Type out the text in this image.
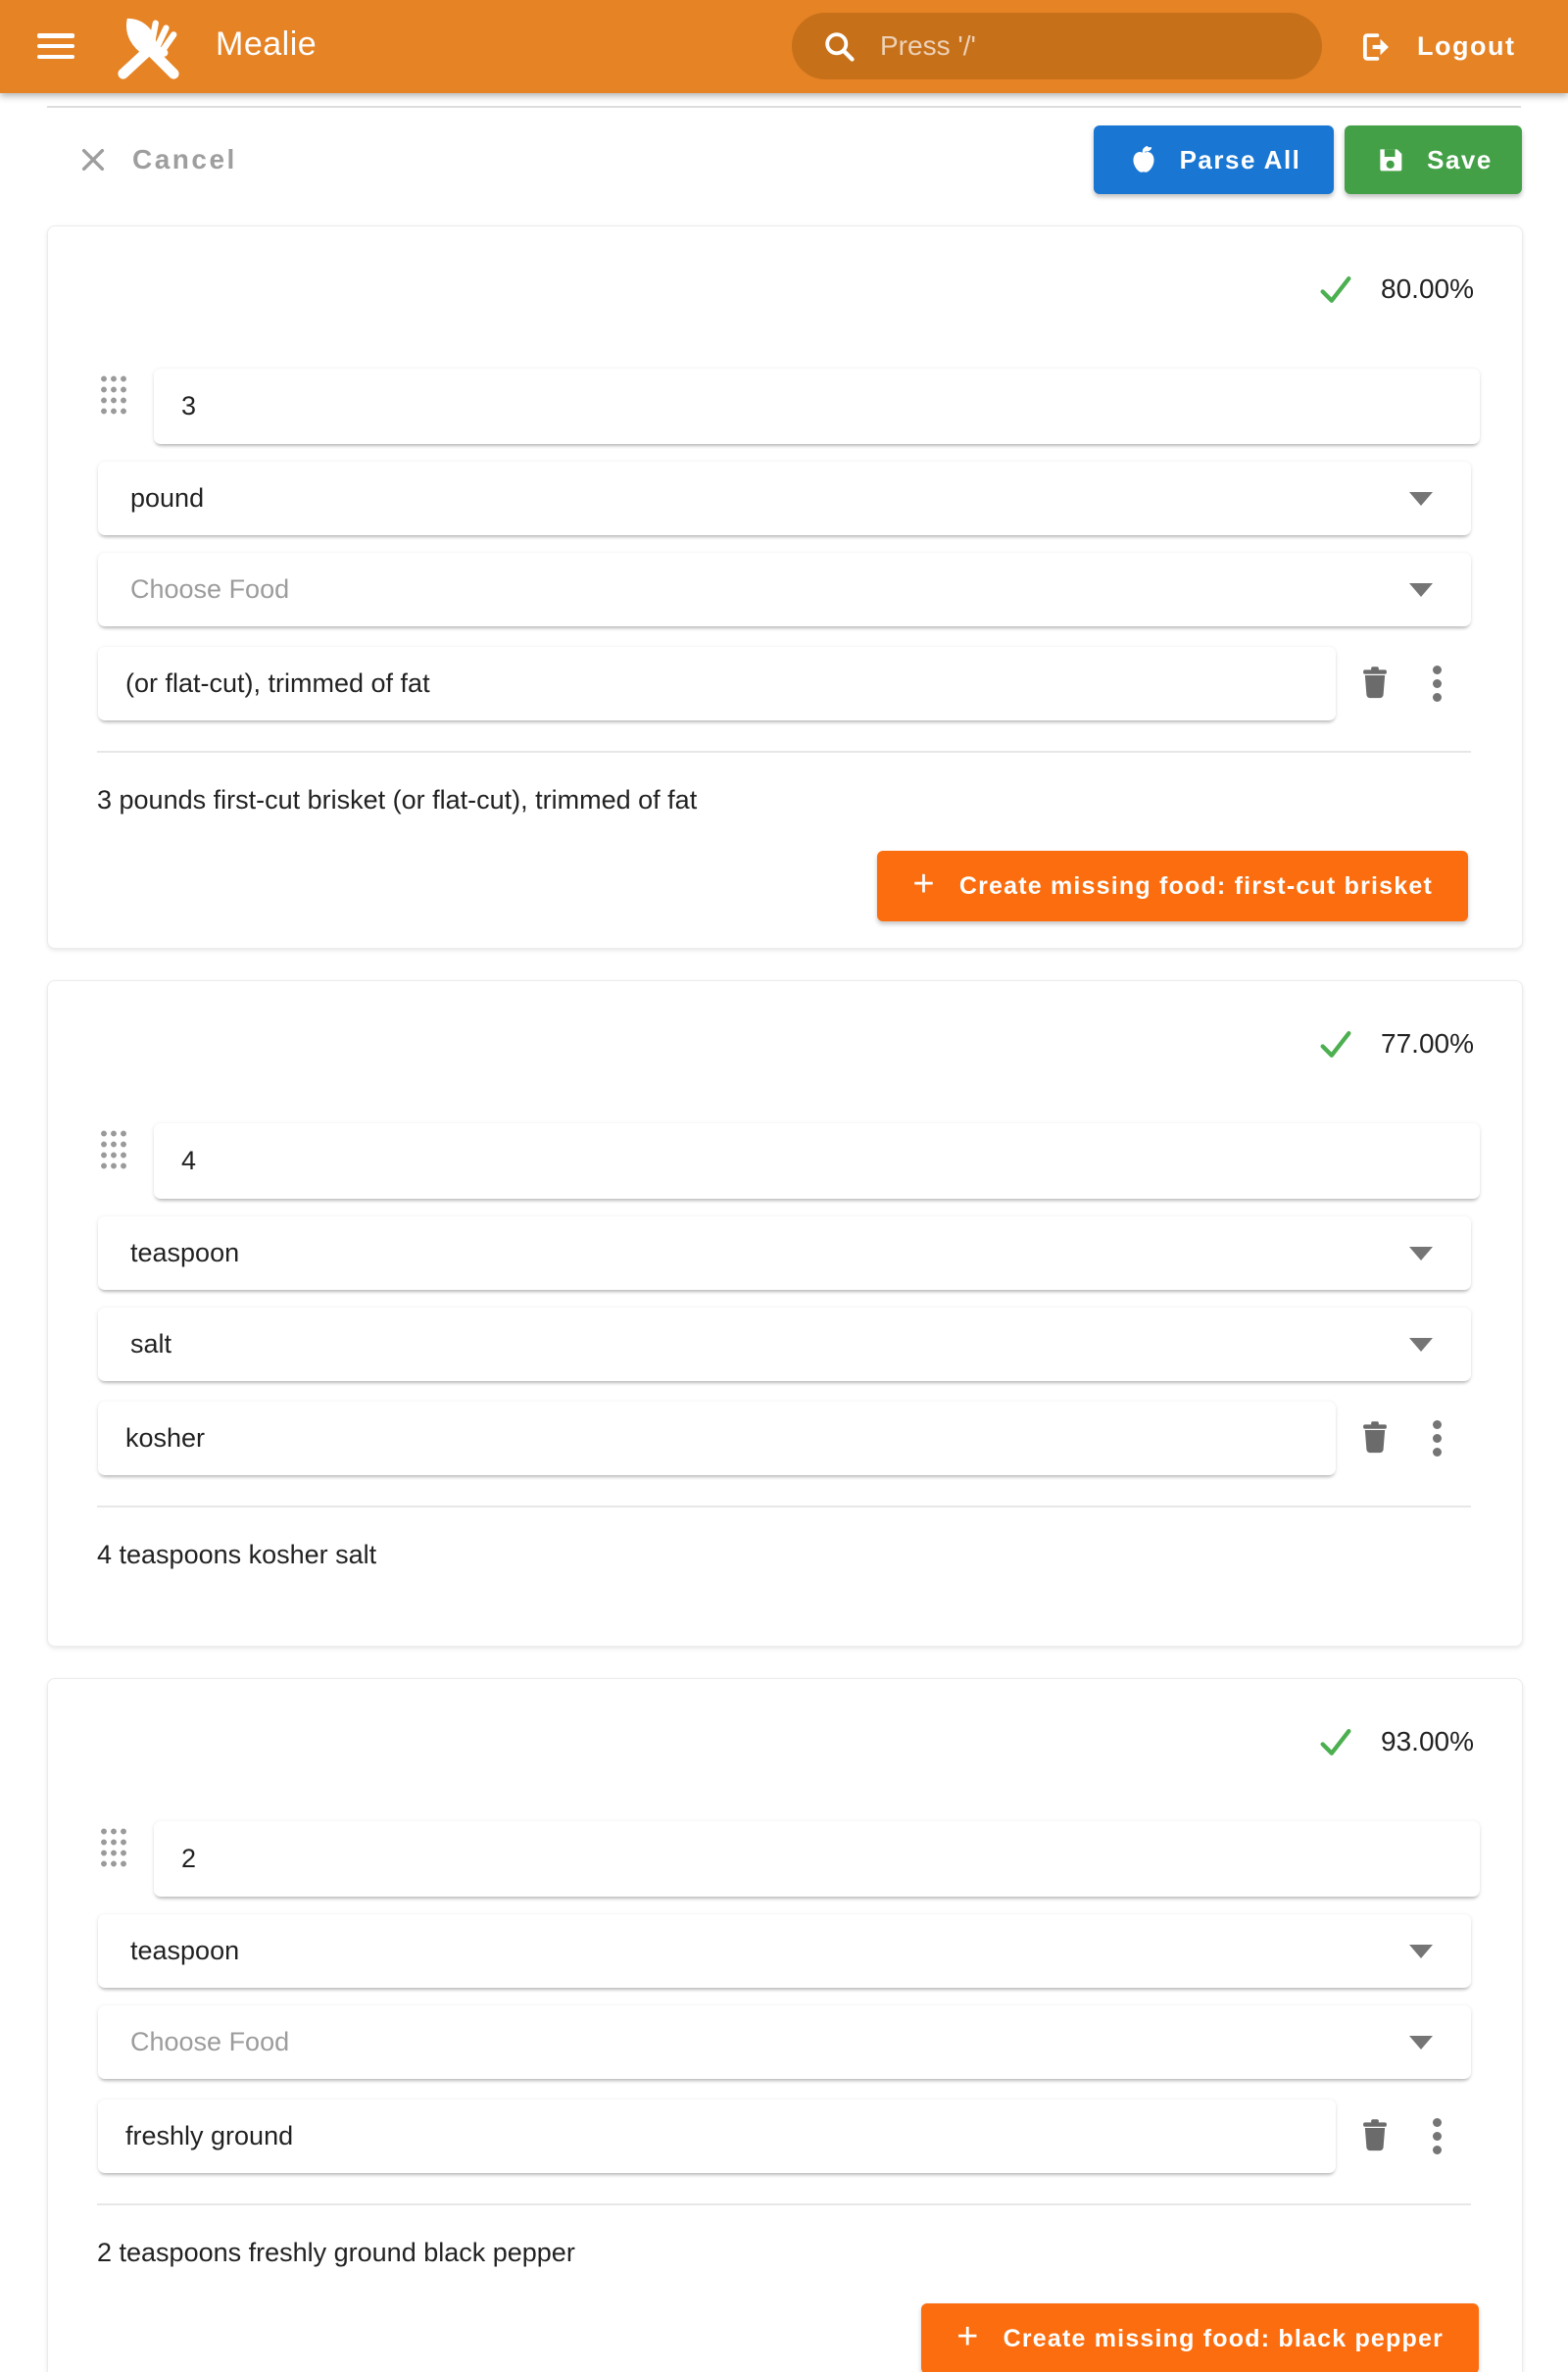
Mealie
Press '/'	Logout
Cancel	Parse All	Save
80.00%
3
pound
Choose Food
(or flat-cut), trimmed of fat
3 pounds first-cut brisket (or flat-cut), trimmed of fat
+ Create missing food: first-cut brisket
77.00%
4
teaspoon
salt
kosher
4 teaspoons kosher salt
93.00%
2
teaspoon
Choose Food
freshly ground
2 teaspoons freshly ground black pepper
+ Create missing food: black pepper
